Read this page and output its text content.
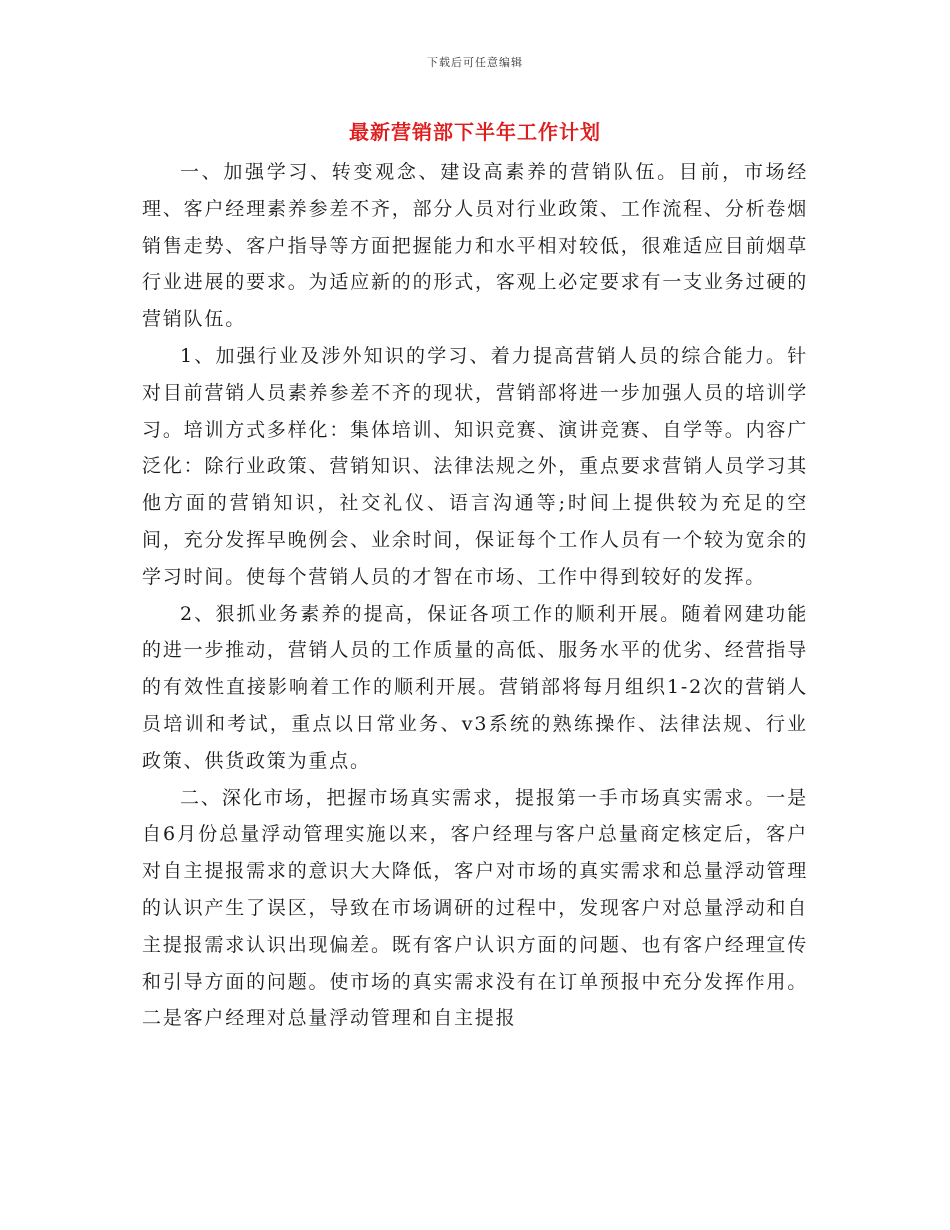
下载后可任意编辑
最新营销部下半年工作计划

一、加强学习、转变观念、建设高素养的营销队伍。目前，市场经理、客户经理素养参差不齐，部分人员对行业政策、工作流程、分析卷烟销售走势、客户指导等方面把握能力和水平相对较低，很难适应目前烟草行业进展的要求。为适应新的的形式，客观上必定要求有一支业务过硬的营销队伍。

1、加强行业及涉外知识的学习、着力提高营销人员的综合能力。针对目前营销人员素养参差不齐的现状，营销部将进一步加强人员的培训学习。培训方式多样化：集体培训、知识竞赛、演讲竞赛、自学等。内容广泛化：除行业政策、营销知识、法律法规之外，重点要求营销人员学习其他方面的营销知识，社交礼仪、语言沟通等;时间上提供较为充足的空间，充分发挥早晚例会、业余时间，保证每个工作人员有一个较为宽余的学习时间。使每个营销人员的才智在市场、工作中得到较好的发挥。

2、狠抓业务素养的提高，保证各项工作的顺利开展。随着网建功能的进一步推动，营销人员的工作质量的高低、服务水平的优劣、经营指导的有效性直接影响着工作的顺利开展。营销部将每月组织1-2次的营销人员培训和考试，重点以日常业务、v3系统的熟练操作、法律法规、行业政策、供货政策为重点。

二、深化市场，把握市场真实需求，提报第一手市场真实需求。一是自6月份总量浮动管理实施以来，客户经理与客户总量商定核定后，客户对自主提报需求的意识大大降低，客户对市场的真实需求和总量浮动管理的认识产生了误区，导致在市场调研的过程中，发现客户对总量浮动和自主提报需求认识出现偏差。既有客户认识方面的问题、也有客户经理宣传和引导方面的问题。使市场的真实需求没有在订单预报中充分发挥作用。二是客户经理对总量浮动管理和自主提报
